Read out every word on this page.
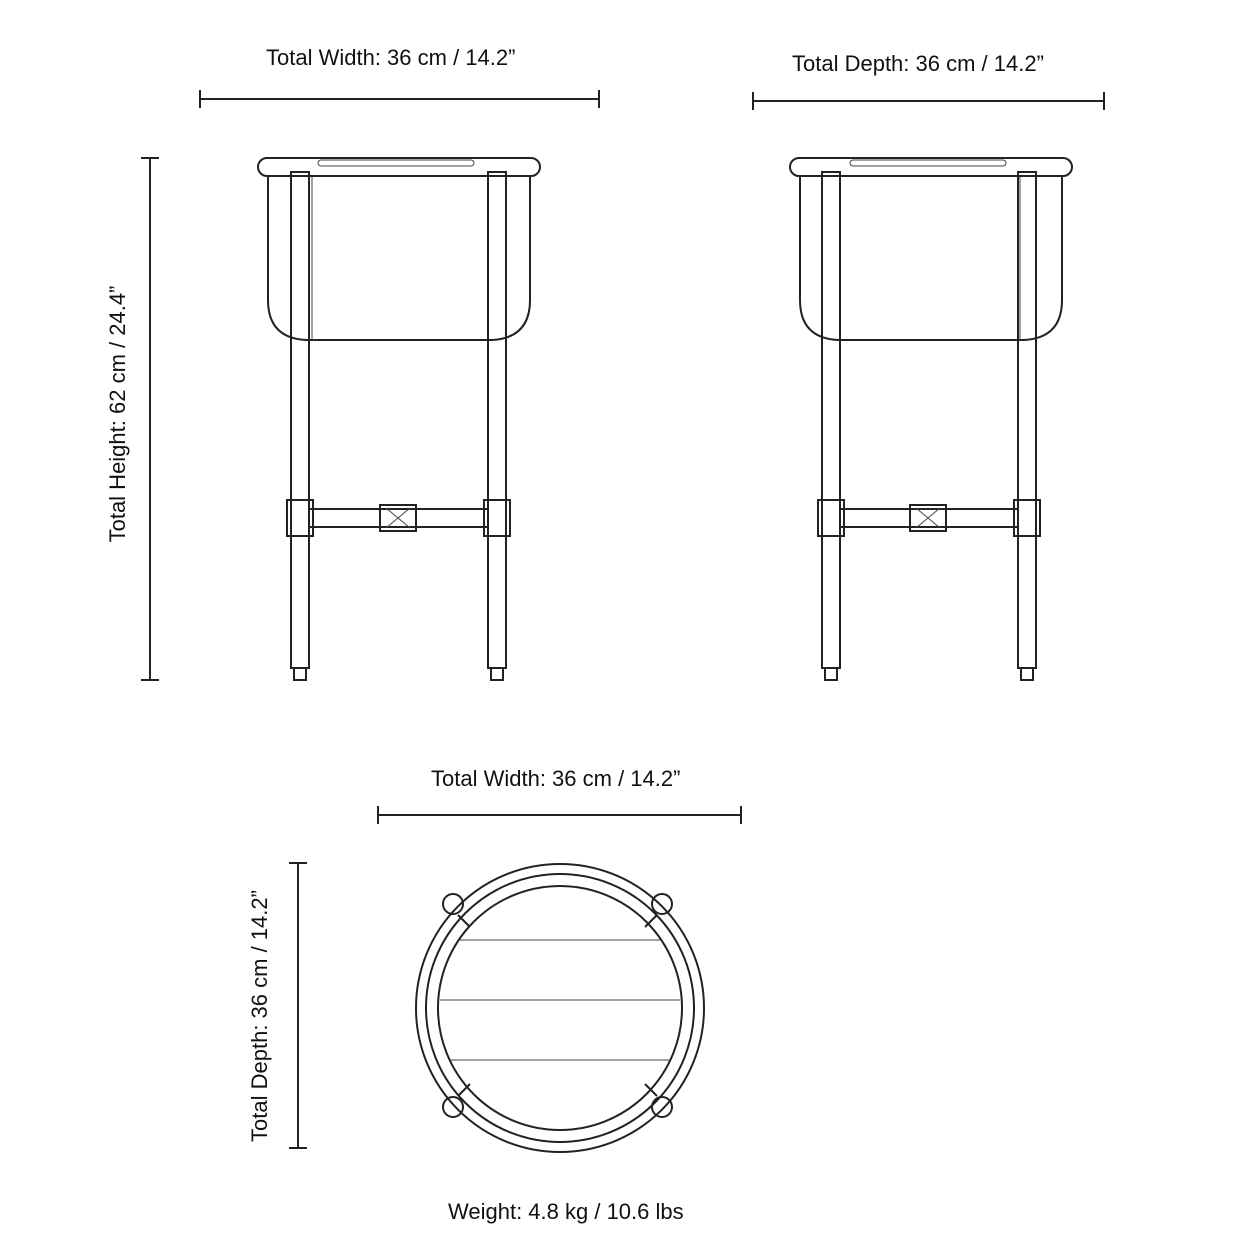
Total Width: 36 cm / 14.2”	Total Depth: 36 cm / 14.2”
Total Height: 62 cm / 24.4”
Total Width: 36 cm / 14.2”
Total Depth: 36 cm / 14.2”
Weight: 4.8 kg / 10.6 lbs
